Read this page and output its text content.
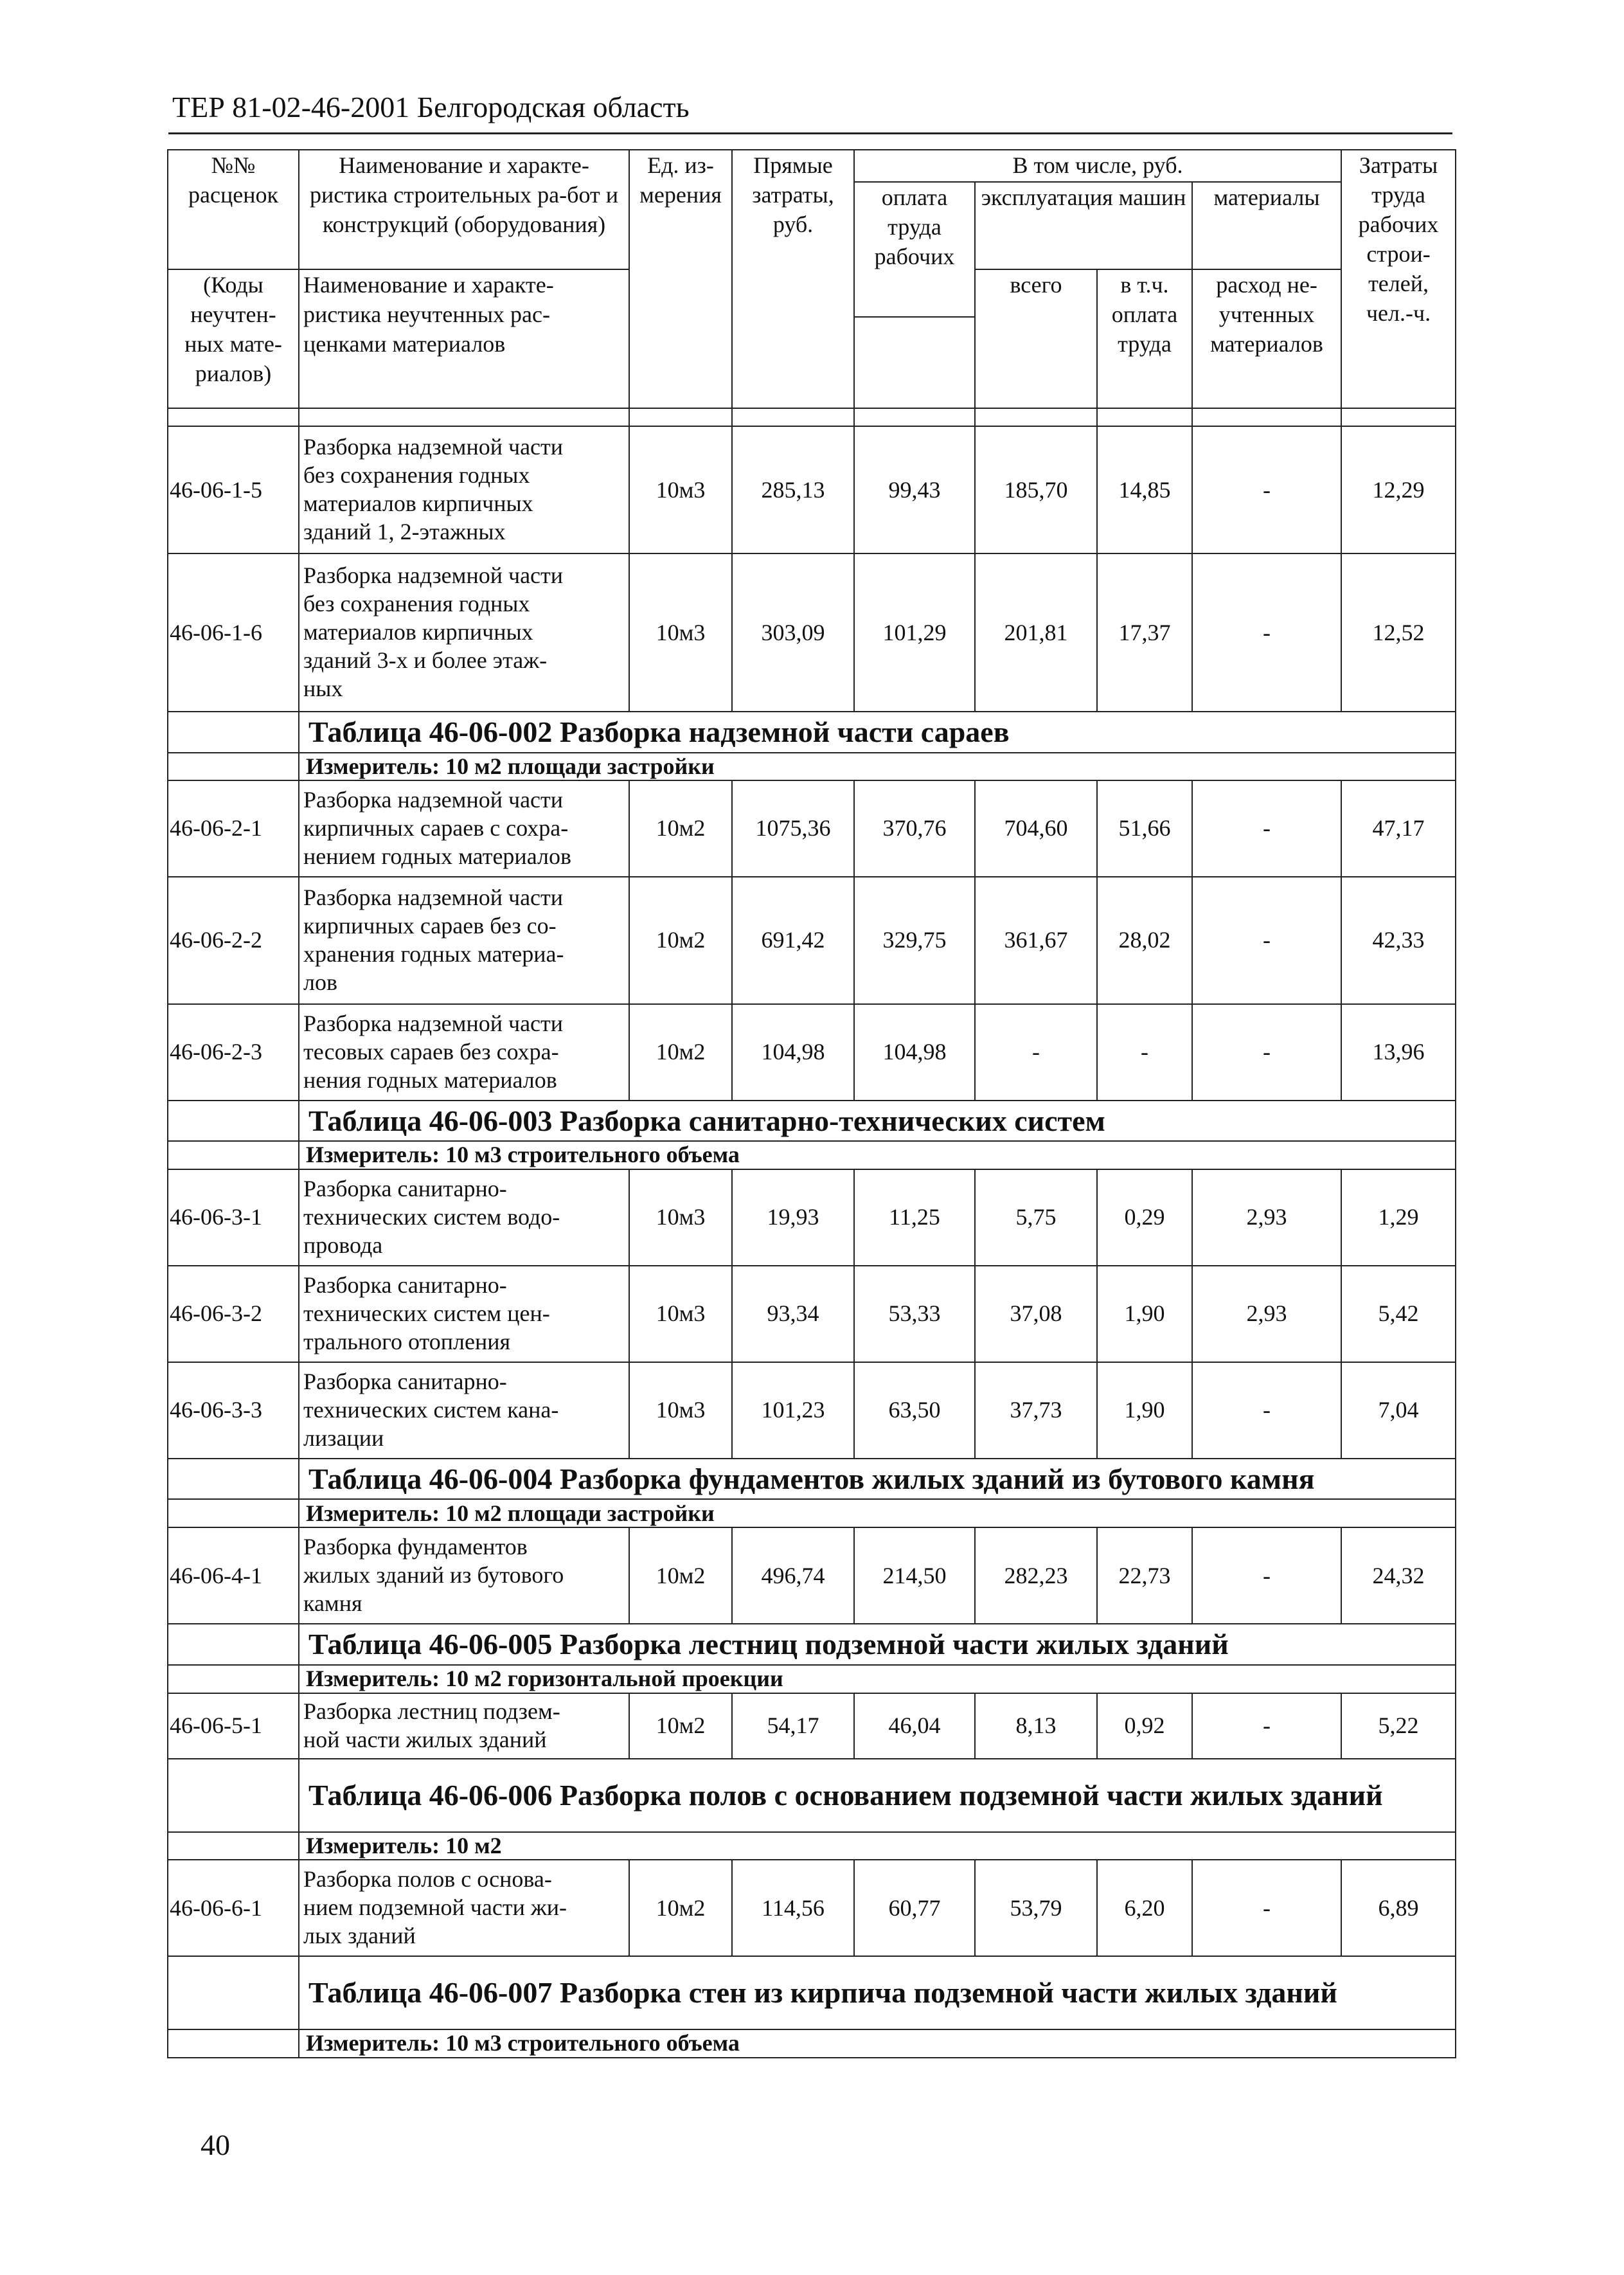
ТЕР 81-02-46-2001 Белгородская область
№№ расценок	Наименование и характе-ристика строительных ра-бот и конструкций (оборудования)	Ед. из-мерения	Прямые затраты, руб.	В том числе, руб.				Затраты труда рабочих строи-телей, чел.-ч.
				оплата труда рабочих	эксплуатация машин		материалы	
(Коды неучтен-ных мате-риалов)	Наименование и характе-ристика неучтенных рас-ценками материалов				всего	в т.ч. оплата труда	расход не-учтенных материалов	

46-06-1-5	Разборка надземной части
без сохранения годных
материалов кирпичных
зданий 1, 2-этажных	10м3	285,13	99,43	185,70	14,85	-	12,29
46-06-1-6	Разборка надземной части
без сохранения годных
материалов кирпичных
зданий 3-х и более этаж-
ных	10м3	303,09	101,29	201,81	17,37	-	12,52
	Таблица 46-06-002 Разборка надземной части сараев							
	Измеритель: 10 м2 площади застройки							
46-06-2-1	Разборка надземной части
кирпичных сараев с сохра-
нением годных материалов	10м2	1075,36	370,76	704,60	51,66	-	47,17
46-06-2-2	Разборка надземной части
кирпичных сараев без со-
хранения годных материа-
лов	10м2	691,42	329,75	361,67	28,02	-	42,33
46-06-2-3	Разборка надземной части
тесовых сараев без сохра-
нения годных материалов	10м2	104,98	104,98	-	-	-	13,96
	Таблица 46-06-003 Разборка санитарно-технических систем							
	Измеритель: 10 м3 строительного объема							
46-06-3-1	Разборка санитарно-
технических систем водо-
провода	10м3	19,93	11,25	5,75	0,29	2,93	1,29
46-06-3-2	Разборка санитарно-
технических систем цен-
трального отопления	10м3	93,34	53,33	37,08	1,90	2,93	5,42
46-06-3-3	Разборка санитарно-
технических систем кана-
лизации	10м3	101,23	63,50	37,73	1,90	-	7,04
	Таблица 46-06-004 Разборка фундаментов жилых зданий из бутового камня							
	Измеритель: 10 м2 площади застройки							
46-06-4-1	Разборка фундаментов
жилых зданий из бутового
камня	10м2	496,74	214,50	282,23	22,73	-	24,32
	Таблица 46-06-005 Разборка лестниц подземной части жилых зданий							
	Измеритель: 10 м2 горизонтальной проекции							
46-06-5-1	Разборка лестниц подзем-
ной части жилых зданий	10м2	54,17	46,04	8,13	0,92	-	5,22
	Таблица 46-06-006 Разборка полов с основанием подземной части жилых зданий							
	Измеритель: 10 м2							
46-06-6-1	Разборка полов с основа-
нием подземной части жи-
лых зданий	10м2	114,56	60,77	53,79	6,20	-	6,89
	Таблица 46-06-007 Разборка стен из кирпича подземной части жилых зданий							
	Измеритель: 10 м3 строительного объема							
40
